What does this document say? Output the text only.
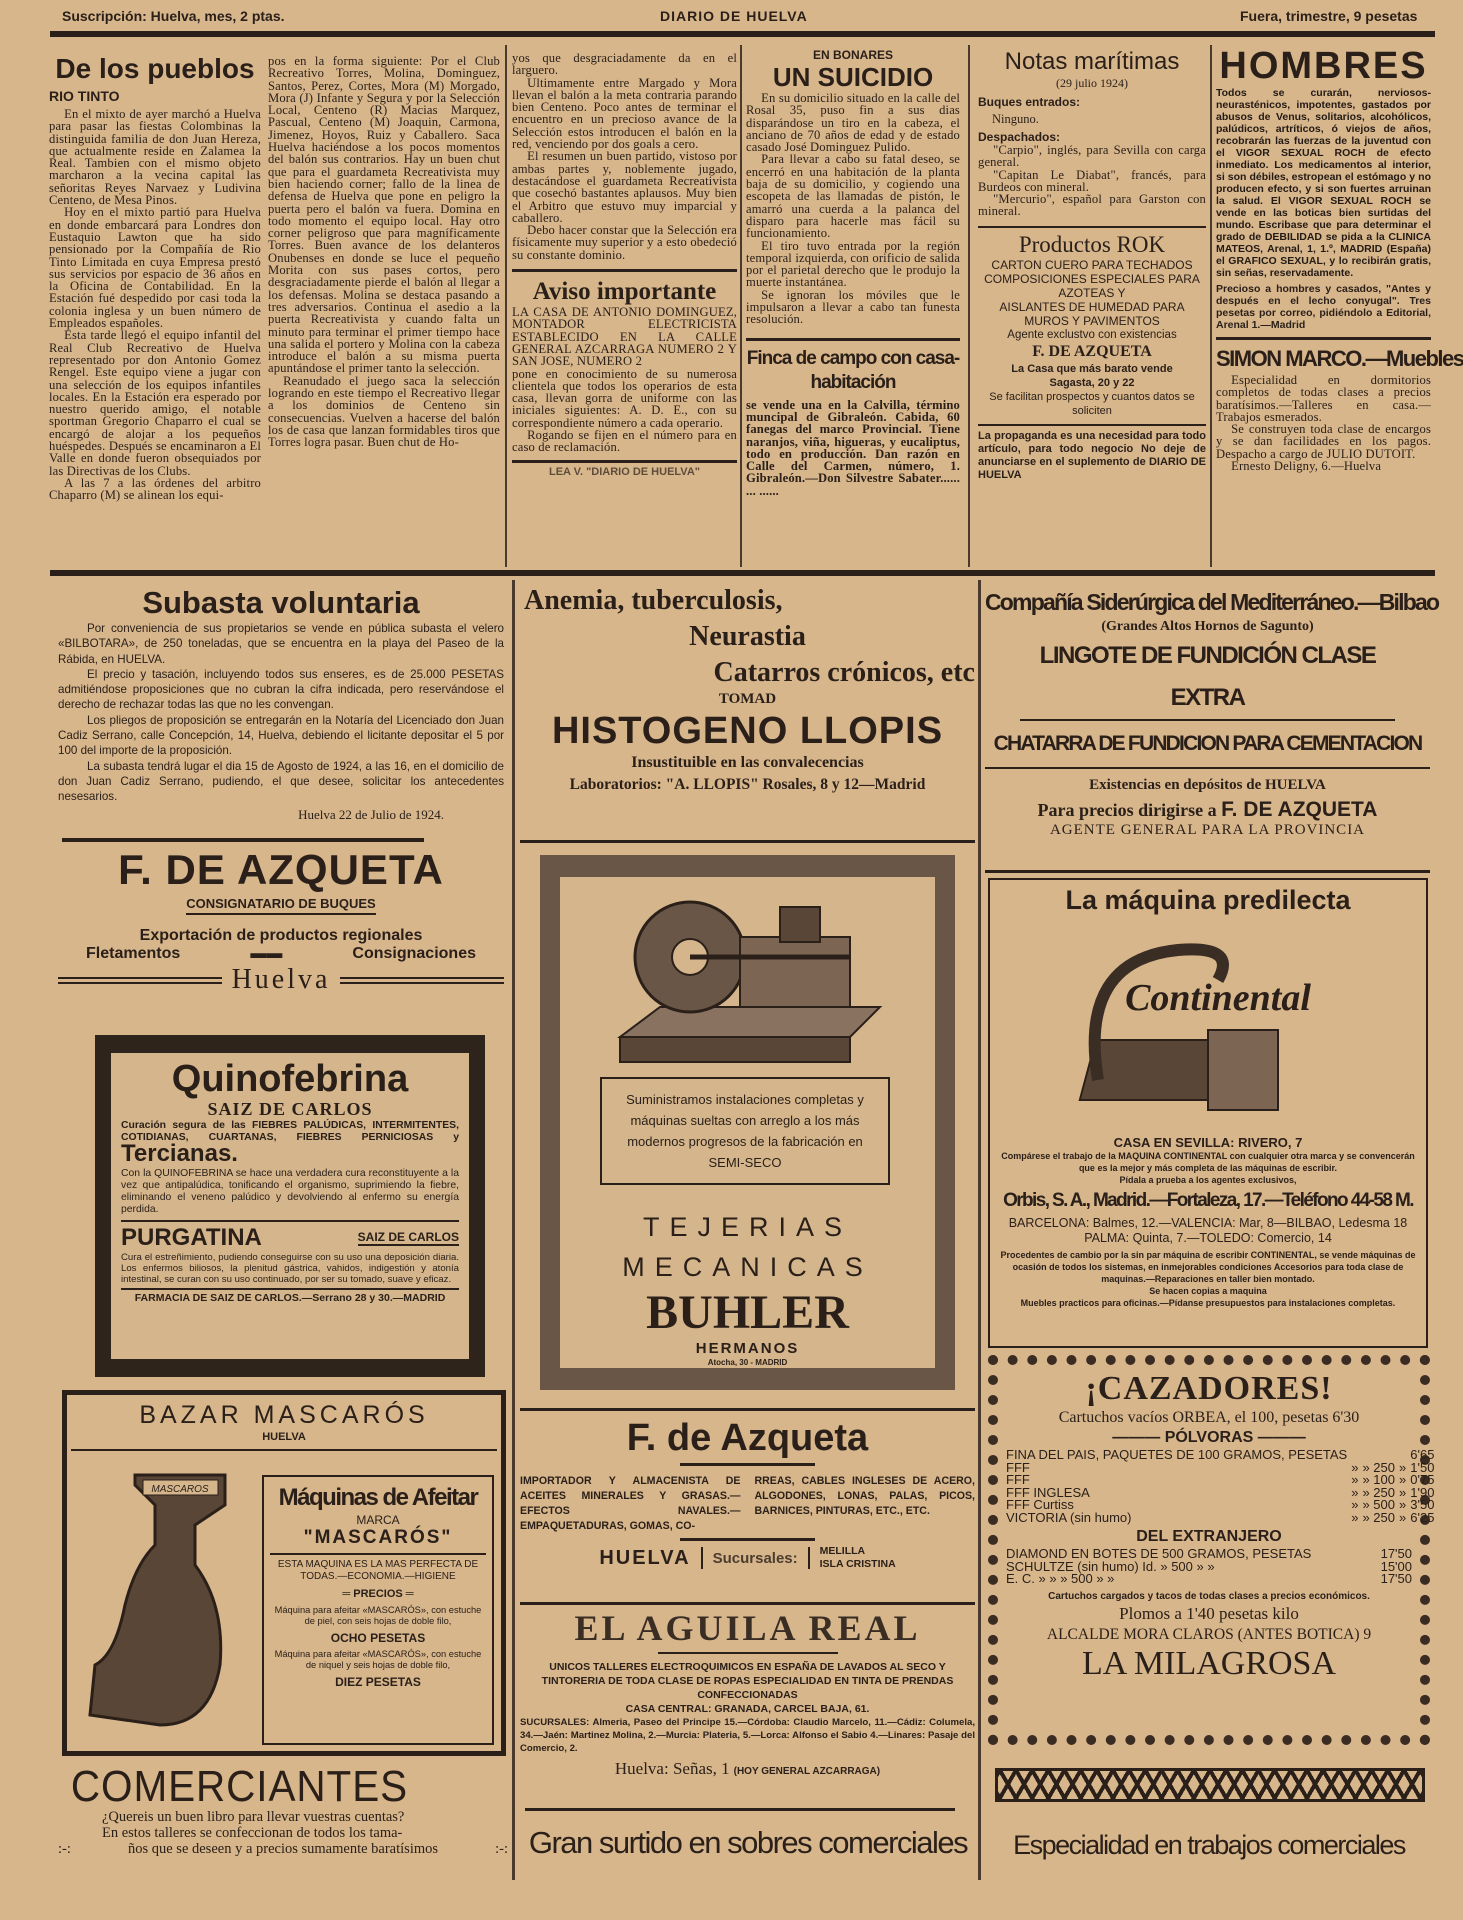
Suscripción: Huelva, mes, 2 ptas.	DIARIO DE HUELVA	Fuera, trimestre, 9 pesetas
De los pueblos
RIO TINTO

En el mixto de ayer marchó a Huelva para pasar las fiestas Colombinas la distinguida familia de don Juan Hereza, que actualmente reside en Zalamea la Real. Tambien con el mismo objeto marcharon a la vecina capital las señoritas Reyes Narvaez y Ludivina Centeno, de Mesa Pinos.

Hoy en el mixto partió para Huelva en donde embarcará para Londres don Eustaquio Lawton que ha sido pensionado por la Compañía de Rio Tinto Limitada en cuya Empresa prestó sus servicios por espacio de 36 años en la Oficina de Contabilidad. En la Estación fué despedido por casi toda la colonia inglesa y un buen número de Empleados españoles.

Esta tarde llegó el equipo infantil del Real Club Recreativo de Huelva representado por don Antonio Gomez Rengel. Este equipo viene a jugar con una selección de los equipos infantiles locales. En la Estación era esperado por nuestro querido amigo, el notable sportman Gregorio Chaparro el cual se encargó de alojar a los pequeños huéspedes. Después se encaminaron a El Valle en donde fueron obsequiados por las Directivas de los Clubs.

A las 7 a las órdenes del arbitro Chaparro (M) se alinean los equi-

pos en la forma siguiente: Por el Club Recreativo Torres, Molina, Dominguez, Santos, Perez, Cortes, Mora (M) Morgado, Mora (J) Infante y Segura y por la Selección Local, Centeno (R) Macias Marquez, Pascual, Centeno (M) Joaquin, Carmona, Jimenez, Hoyos, Ruiz y Caballero. Saca Huelva haciéndose a los pocos momentos del balón sus contrarios. Hay un buen chut que para el guardameta Recreativista muy bien haciendo corner; fallo de la linea de defensa de Huelva que pone en peligro la puerta pero el balón va fuera. Domina en todo momento el equipo local. Hay otro corner peligroso que para magníficamente Torres. Buen avance de los delanteros Onubenses en donde se luce el pequeño Morita con sus pases cortos, pero desgraciadamente pierde el balón al llegar a los defensas. Molina se destaca pasando a tres adversarios. Continua el asedio a la puerta Recreativista y cuando falta un minuto para terminar el primer tiempo hace una salida el portero y Molina con la cabeza introduce el balón a su misma puerta apuntándose el primer tanto la selección.

Reanudado el juego saca la selección logrando en este tiempo el Recreativo llegar a los dominios de Centeno sin consecuencias. Vuelven a hacerse del balón los de casa que lanzan formidables tiros que Torres logra pasar. Buen chut de Ho-

yos que desgraciadamente da en el larguero.

Ultimamente entre Margado y Mora llevan el balón a la meta contraria parando bien Centeno. Poco antes de terminar el encuentro en un precioso avance de la Selección estos introducen el balón en la red, venciendo por dos goals a cero.

El resumen un buen partido, vistoso por ambas partes y, noblemente jugado, destacándose el guardameta Recreativista que cosechó bastantes aplausos. Muy bien el Arbitro que estuvo muy imparcial y caballero.

Debo hacer constar que la Selección era físicamente muy superior y a esto obedeció su constante dominio.

Aviso importante

LA CASA DE ANTONIO DOMINGUEZ, MONTADOR ELECTRICISTA ESTABLECIDO EN LA CALLE GENERAL AZCARRAGA NUMERO 2 Y SAN JOSE, NUMERO 2

pone en conocimiento de su numerosa clientela que todos los operarios de esta casa, llevan gorra de uniforme con las iniciales siguientes: A. D. E., con su correspondiente número a cada operario.

Rogando se fijen en el número para en caso de reclamación.

LEA V. "DIARIO DE HUELVA"
EN BONARES
UN SUICIDIO

En su domicilio situado en la calle del Rosal 35, puso fin a sus dias disparándose un tiro en la cabeza, el anciano de 70 años de edad y de estado casado José Dominguez Pulido.

Para llevar a cabo su fatal deseo, se encerró en una habitación de la planta baja de su domicilio, y cogiendo una escopeta de las llamadas de pistón, le amarró una cuerda a la palanca del disparo para hacerle mas fácil su funcionamiento.

El tiro tuvo entrada por la región temporal izquierda, con orificio de salida por el parietal derecho que le produjo la muerte instantánea.

Se ignoran los móviles que le impulsaron a llevar a cabo tan funesta resolución.

Finca de campo con casa-habitación

se vende una en la Calvilla, término muncipal de Gibraleón. Cabida, 60 fanegas del marco Provincial. Tiene naranjos, viña, higueras, y eucaliptus, todo en producción. Dan razón en Calle del Carmen, número, 1. Gibraleón.—Don Silvestre Sabater...... ... ......

Notas marítimas
(29 julio 1924)
Buques entrados:
Ninguno.
Despachados:

"Carpio", inglés, para Sevilla con carga general.

"Capitan Le Diabat", francés, para Burdeos con mineral.

"Mercurio", español para Garston con mineral.

Productos ROK
CARTON CUERO PARA TECHADOS
COMPOSICIONES ESPECIALES PARA AZOTEAS Y
AISLANTES DE HUMEDAD PARA MUROS Y PAVIMENTOS
Agente exclustvo con existencias
F. DE AZQUETA
La Casa que más barato vende
Sagasta, 20 y 22
Se facilitan prospectos y cuantos datos se soliciten
La propaganda es una necesidad para todo artículo, para todo negocio No deje de anunciarse en el suplemento de DIARIO DE HUELVA
HOMBRES
Todos se curarán, nerviosos-neurasténicos, impotentes, gastados por abusos de Venus, solitarios, alcohólicos, palúdicos, artríticos, ó viejos de años, recobrarán las fuerzas de la juventud con el VIGOR SEXUAL ROCH de efecto inmediato. Los medicamentos al interior, si son débiles, estropean el estómago y no producen efecto, y si son fuertes arruinan la salud. El VIGOR SEXUAL ROCH se vende en las boticas bien surtidas del mundo. Escribase que para determinar el grado de DEBILIDAD se pida a la CLINICA MATEOS, Arenal, 1, 1.º, MADRID (España) el GRAFICO SEXUAL, y lo recibirán gratis, sin señas, reservadamente.
Precioso a hombres y casados, "Antes y después en el lecho conyugal". Tres pesetas por correo, pidiéndolo a Editorial, Arenal 1.—Madrid
SIMON MARCO.—Muebles

Especialidad en dormitorios completos de todas clases a precios baratísimos.—Talleres en casa.—Trabajos esmerados.

Se construyen toda clase de encargos y se dan facilidades en los pagos. Despacho a cargo de JULIO DUTOIT.

Ernesto Deligny, 6.—Huelva

Subasta voluntaria

Por conveniencia de sus propietarios se vende en pública subasta el velero «BILBOTARA», de 250 toneladas, que se encuentra en la playa del Paseo de la Rábida, en HUELVA.

El precio y tasación, incluyendo todos sus enseres, es de 25.000 PESETAS admitiéndose proposiciones que no cubran la cifra indicada, pero reservándose el derecho de rechazar todas las que no les convengan.

Los pliegos de proposición se entregarán en la Notaría del Licenciado don Juan Cadiz Serrano, calle Concepción, 14, Huelva, debiendo el licitante depositar el 5 por 100 del importe de la proposición.

La subasta tendrá lugar el dia 15 de Agosto de 1924, a las 16, en el domicilio de don Juan Cadiz Serrano, pudiendo, el que desee, solicitar los antecedentes nesesarios.

Huelva 22 de Julio de 1924.
F. DE AZQUETA
CONSIGNATARIO DE BUQUES
Exportación de productos regionales
Fletamentos	▬▬	Consignaciones
Huelva
Quinofebrina
SAIZ DE CARLOS
Curación segura de las FIEBRES PALÚDICAS, INTERMITENTES, COTIDIANAS, CUARTANAS, FIEBRES PERNICIOSAS y Tercianas.
Con la QUINOFEBRINA se hace una verdadera cura reconstituyente a la vez que antipalúdica, tonificando el organismo, suprimiendo la fiebre, eliminando el veneno palúdico y devolviendo al enfermo su energía perdida.
PURGATINA	SAIZ DE CARLOS
Cura el estreñimiento, pudiendo conseguirse con su uso una deposición diaria. Los enfermos biliosos, la plenitud gástrica, vahidos, indigestión y atonía intestinal, se curan con su uso continuado, por ser su tomado, suave y eficaz.
FARMACIA DE SAIZ DE CARLOS.—Serrano 28 y 30.—MADRID
BAZAR MASCARÓS
HUELVA
MASCAROS	Máquinas de Afeitar
MARCA
"MASCARÓS"
ESTA MAQUINA ES LA MAS PERFECTA DE TODAS.—ECONOMIA.—HIGIENE
═ PRECIOS ═
Máquina para afeitar «MASCARÓS», con estuche de piel, con seis hojas de doble filo,
OCHO PESETAS
Máquina para afeitar «MASCARÓS», con estuche de niquel y seis hojas de doble filo,
DIEZ PESETAS
COMERCIANTES
¿Quereis un buen libro para llevar vuestras cuentas?
En estos talleres se confeccionan de todos los tama-
:-:	ños que se deseen y a precios sumamente baratísimos	:-:
Anemia, tuberculosis,
Neurastia
Catarros crónicos, etc
TOMAD
HISTOGENO LLOPIS
Insustituible en las convalecencias
Laboratorios: "A. LLOPIS" Rosales, 8 y 12—Madrid
Suministramos instalaciones completas y máquinas sueltas con arreglo a los más modernos progresos de la fabricación en SEMI-SECO
TEJERIAS
MECANICAS
BUHLER
HERMANOS
Atocha, 30 - MADRID
F. de Azqueta
IMPORTADOR Y ALMACENISTA DE ACEITES MINERALES Y GRASAS.—EFECTOS NAVALES.—EMPAQUETADURAS, GOMAS, CO-
RREAS, CABLES INGLESES DE ACERO, ALGODONES, LONAS, PALAS, PICOS, BARNICES, PINTURAS, ETC., ETC.
HUELVA Sucursales: MELILLA
ISLA CRISTINA
EL AGUILA REAL
UNICOS TALLERES ELECTROQUIMICOS EN ESPAÑA DE LAVADOS AL SECO Y TINTORERIA DE TODA CLASE DE ROPAS ESPECIALIDAD EN TINTA DE PRENDAS CONFECCIONADAS
CASA CENTRAL: GRANADA, CARCEL BAJA, 61.
SUCURSALES: Almeria, Paseo del Principe 15.—Córdoba: Claudio Marcelo, 11.—Cádiz: Columela, 34.—Jaén: Martinez Molina, 2.—Murcia: Plateria, 5.—Lorca: Alfonso el Sabio 4.—Linares: Pasaje del Comercio, 2.
Huelva: Señas, 1 (HOY GENERAL AZCARRAGA)
Gran surtido en sobres comerciales
Compañía Siderúrgica del Mediterráneo.—Bilbao
(Grandes Altos Hornos de Sagunto)
LINGOTE DE FUNDICIÓN CLASE EXTRA
CHATARRA DE FUNDICION PARA CEMENTACION
Existencias en depósitos de HUELVA
Para precios dirigirse a F. DE AZQUETA
AGENTE GENERAL PARA LA PROVINCIA
La máquina predilecta
Continental
CASA EN SEVILLA: RIVERO, 7
Compárese el trabajo de la MAQUINA CONTINENTAL con cualquier otra marca y se convencerán que es la mejor y más completa de las máquinas de escribir.
Pídala a prueba a los agentes exclusivos,
Orbis, S. A., Madrid.—Fortaleza, 17.—Teléfono 44-58 M.
BARCELONA: Balmes, 12.—VALENCIA: Mar, 8—BILBAO, Ledesma 18
PALMA: Quinta, 7.—TOLEDO: Comercio, 14
Procedentes de cambio por la sin par máquina de escribir CONTINENTAL, se vende máquinas de ocasión de todos los sistemas, en inmejorables condiciones Accesorios para toda clase de maquinas.—Reparaciones en taller bien montado.
Se hacen copias a maquina
Muebles practicos para oficinas.—Pídanse presupuestos para instalaciones completas.
¡CAZADORES!
Cartuchos vacíos ORBEA, el 100, pesetas 6'30
——— PÓLVORAS ———
FINA DEL PAIS, PAQUETES DE 100 GRAMOS, PESETAS				6'65
FFF	»	» 250	»	1'50
FFF	»	» 100	»	0'75
FFF INGLESA	»	» 250	»	1'90
FFF Curtiss	»	» 500	»	3'50
VICTORIA (sin humo)	»	» 250	»	6'25
DEL EXTRANJERO
DIAMOND EN BOTES DE 500 GRAMOS, PESETAS	17'50
SCHULTZE (sin humo) Id. » 500 » »	15'00
E. C. » » » 500 » »	17'50
Cartuchos cargados y tacos de todas clases a precios económicos.
Plomos a 1'40 pesetas kilo
ALCALDE MORA CLAROS (ANTES BOTICA) 9
LA MILAGROSA
Especialidad en trabajos comerciales
